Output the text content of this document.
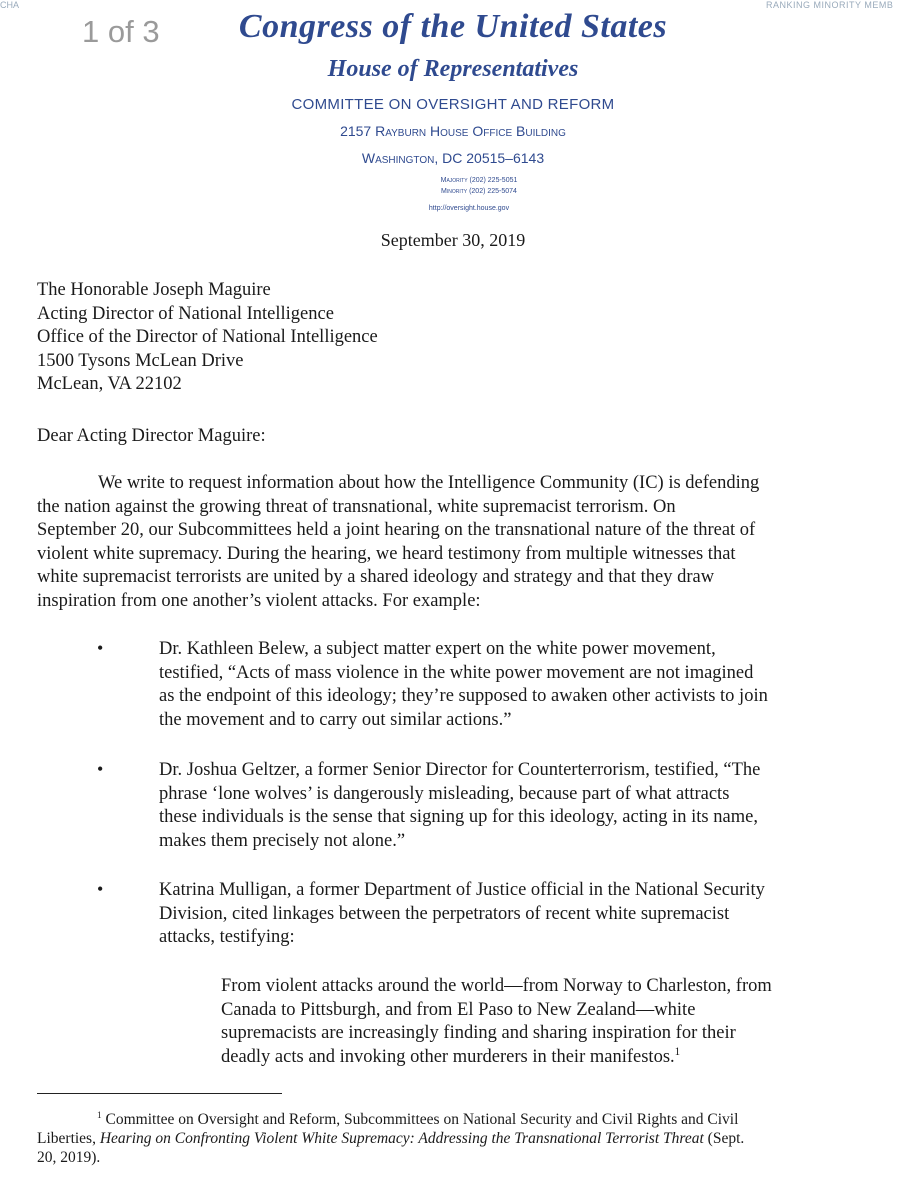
CHA	RANKING MINORITY MEMB
1 of 3	Congress of the United States
House of Representatives
COMMITTEE ON OVERSIGHT AND REFORM
2157 Rayburn House Office Building
Washington, DC 20515–6143
Majority (202) 225-5051
Minority (202) 225-5074
http://oversight.house.gov
September 30, 2019
The Honorable Joseph Maguire
Acting Director of National Intelligence
Office of the Director of National Intelligence
1500 Tysons McLean Drive
McLean, VA 22102
Dear Acting Director Maguire:
We write to request information about how the Intelligence Community (IC) is defending
the nation against the growing threat of transnational, white supremacist terrorism. On
September 20, our Subcommittees held a joint hearing on the transnational nature of the threat of
violent white supremacy. During the hearing, we heard testimony from multiple witnesses that
white supremacist terrorists are united by a shared ideology and strategy and that they draw
inspiration from one another’s violent attacks. For example:
•	Dr. Kathleen Belew, a subject matter expert on the white power movement,
testified, “Acts of mass violence in the white power movement are not imagined
as the endpoint of this ideology; they’re supposed to awaken other activists to join
the movement and to carry out similar actions.”
•	Dr. Joshua Geltzer, a former Senior Director for Counterterrorism, testified, “The
phrase ‘lone wolves’ is dangerously misleading, because part of what attracts
these individuals is the sense that signing up for this ideology, acting in its name,
makes them precisely not alone.”
•	Katrina Mulligan, a former Department of Justice official in the National Security
Division, cited linkages between the perpetrators of recent white supremacist
attacks, testifying:
From violent attacks around the world—from Norway to Charleston, from
Canada to Pittsburgh, and from El Paso to New Zealand—white
supremacists are increasingly finding and sharing inspiration for their
deadly acts and invoking other murderers in their manifestos.$^1$
$^1$ Committee on Oversight and Reform, Subcommittees on National Security and Civil Rights and Civil
Liberties, Hearing on Confronting Violent White Supremacy: Addressing the Transnational Terrorist Threat (Sept.
20, 2019).
